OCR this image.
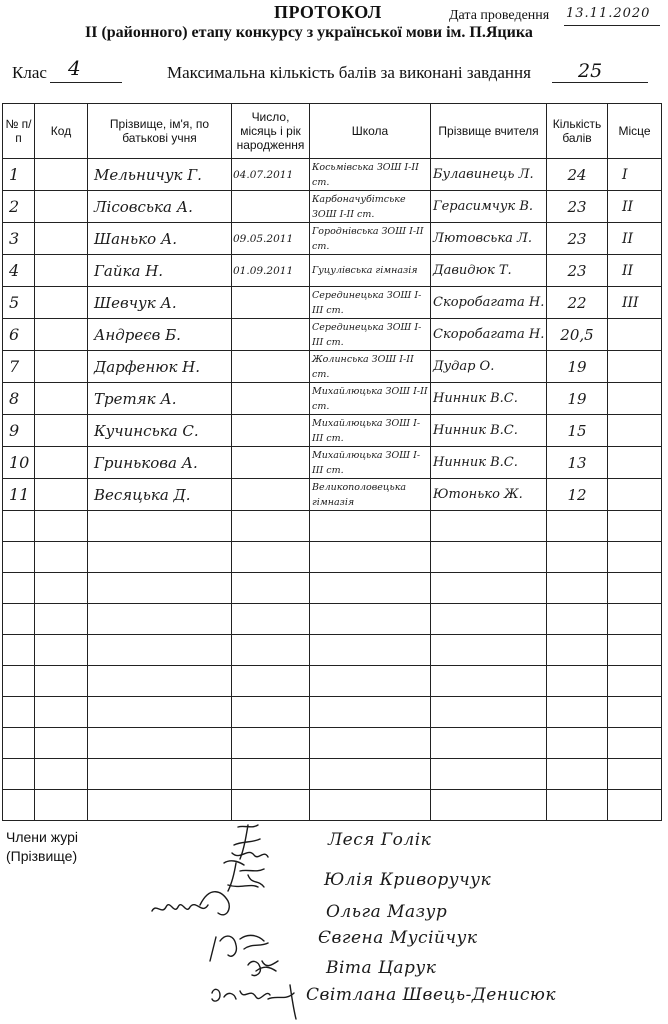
ПРОТОКОЛ	Дата проведення 13.11.2020
II (районного) етапу конкурсу з української мови ім. П.Яцика
Клас 4	Максимальна кількість балів за виконані завдання 25
№ п/п	Код	Прізвище, ім'я, по батькові учня	Число, місяць і рік народження	Школа	Прізвище вчителя	Кількість балів	Місце
1		Мельничук Г.	04.07.2011	Косьмівська ЗОШ І-ІІ ст.	Булавинець Л.	24	І
2		Лісовська А.		Карбоначубітське ЗОШ І-ІІ ст.	Герасимчук В.	23	ІІ
3		Шанько А.	09.05.2011	Городнівська ЗОШ І-ІІ ст.	Лютовська Л.	23	ІІ
4		Гайка Н.	01.09.2011	Гуцулівська гімназія	Давидюк Т.	23	ІІ
5		Шевчук А.		Серединецька ЗОШ І-ІІІ ст.	Скоробагата Н.	22	ІІІ
6		Андреєв Б.		Серединецька ЗОШ І-ІІІ ст.	Скоробагата Н.	20,5	
7		Дарфенюк Н.		Жолинська ЗОШ І-ІІ ст.	Дудар О.	19	
8		Третяк А.		Михайлюцька ЗОШ І-ІІ ст.	Нинник В.С.	19	
9		Кучинська С.		Михайлюцька ЗОШ І-ІІІ ст.	Нинник В.С.	15	
10		Гринькова А.		Михайлюцька ЗОШ І-ІІІ ст.	Нинник В.С.	13	
11		Весяцька Д.		Великополовецька гімназія	Ютонько Ж.	12	

Члени журі
(Прізвище)
Леся Голік
Юлія Криворучук
Ольга Мазур
Євгена Мусійчук
Віта Царук
Світлана Швець-Денисюк
